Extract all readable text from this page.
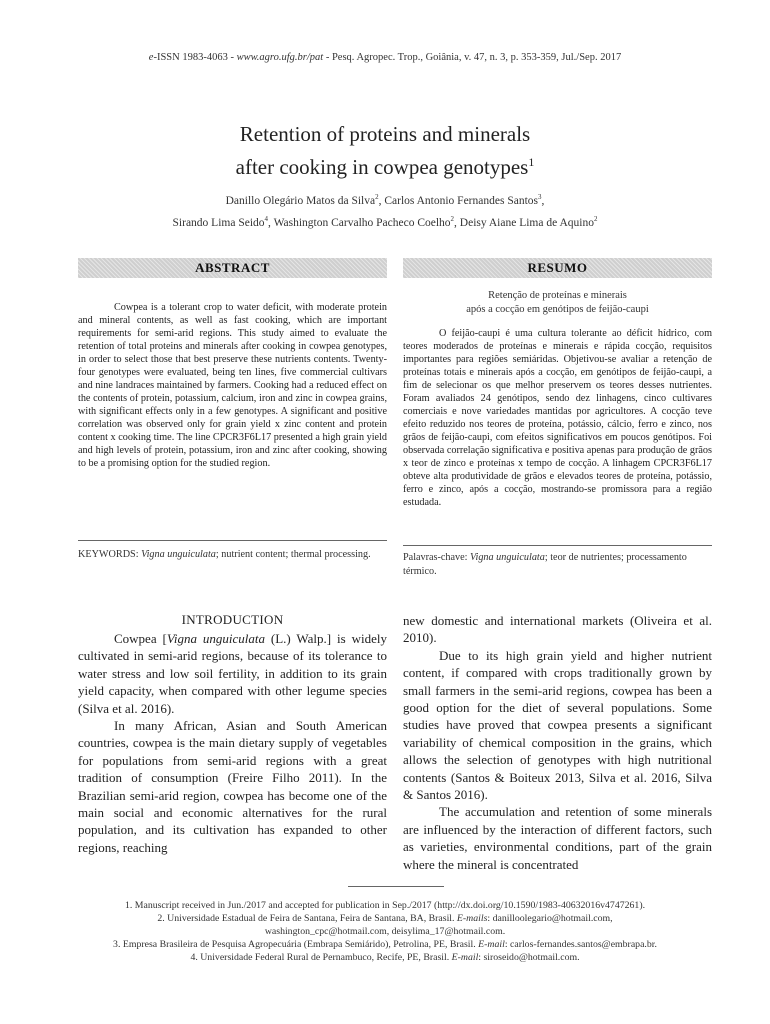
e-ISSN 1983-4063 - www.agro.ufg.br/pat - Pesq. Agropec. Trop., Goiânia, v. 47, n. 3, p. 353-359, Jul./Sep. 2017
Retention of proteins and minerals
after cooking in cowpea genotypes$^1$
Danillo Olegário Matos da Silva$^2$, Carlos Antonio Fernandes Santos$^3$,
Sirando Lima Seido$^4$, Washington Carvalho Pacheco Coelho$^2$, Deisy Aiane Lima de Aquino$^2$
ABSTRACT
Cowpea is a tolerant crop to water deficit, with moderate protein and mineral contents, as well as fast cooking, which are important requirements for semi-arid regions. This study aimed to evaluate the retention of total proteins and minerals after cooking in cowpea genotypes, in order to select those that best preserve these nutrients contents. Twenty-four genotypes were evaluated, being ten lines, five commercial cultivars and nine landraces maintained by farmers. Cooking had a reduced effect on the contents of protein, potassium, calcium, iron and zinc in cowpea grains, with significant effects only in a few genotypes. A significant and positive correlation was observed only for grain yield x zinc content and protein content x cooking time. The line CPCR3F6L17 presented a high grain yield and high levels of protein, potassium, iron and zinc after cooking, showing to be a promising option for the studied region.
KEYWORDS: Vigna unguiculata; nutrient content; thermal processing.
RESUMO
Retenção de proteínas e minerais
após a cocção em genótipos de feijão-caupi
O feijão-caupi é uma cultura tolerante ao déficit hídrico, com teores moderados de proteínas e minerais e rápida cocção, requisitos importantes para regiões semiáridas. Objetivou-se avaliar a retenção de proteínas totais e minerais após a cocção, em genótipos de feijão-caupi, a fim de selecionar os que melhor preservem os teores desses nutrientes. Foram avaliados 24 genótipos, sendo dez linhagens, cinco cultivares comerciais e nove variedades mantidas por agricultores. A cocção teve efeito reduzido nos teores de proteína, potássio, cálcio, ferro e zinco, nos grãos de feijão-caupi, com efeitos significativos em poucos genótipos. Foi observada correlação significativa e positiva apenas para produção de grãos x teor de zinco e proteínas x tempo de cocção. A linhagem CPCR3F6L17 obteve alta produtividade de grãos e elevados teores de proteína, potássio, ferro e zinco, após a cocção, mostrando-se promissora para a região estudada.
Palavras-chave: Vigna unguiculata; teor de nutrientes; processamento térmico.
INTRODUCTION

Cowpea [Vigna unguiculata (L.) Walp.] is widely cultivated in semi-arid regions, because of its tolerance to water stress and low soil fertility, in addition to its grain yield capacity, when compared with other legume species (Silva et al. 2016).

In many African, Asian and South American countries, cowpea is the main dietary supply of vegetables for populations from semi-arid regions with a great tradition of consumption (Freire Filho 2011). In the Brazilian semi-arid region, cowpea has become one of the main social and economic alternatives for the rural population, and its cultivation has expanded to other regions, reaching

new domestic and international markets (Oliveira et al. 2010).

Due to its high grain yield and higher nutrient content, if compared with crops traditionally grown by small farmers in the semi-arid regions, cowpea has been a good option for the diet of several populations. Some studies have proved that cowpea presents a significant variability of chemical composition in the grains, which allows the selection of genotypes with high nutritional contents (Santos & Boiteux 2013, Silva et al. 2016, Silva & Santos 2016).

The accumulation and retention of some minerals are influenced by the interaction of different factors, such as varieties, environmental conditions, part of the grain where the mineral is concentrated

1. Manuscript received in Jun./2017 and accepted for publication in Sep./2017 (http://dx.doi.org/10.1590/1983-40632016v4747261).
2. Universidade Estadual de Feira de Santana, Feira de Santana, BA, Brasil. E-mails: danilloolegario@hotmail.com,
washington_cpc@hotmail.com, deisylima_17@hotmail.com.
3. Empresa Brasileira de Pesquisa Agropecuária (Embrapa Semiárido), Petrolina, PE, Brasil. E-mail: carlos-fernandes.santos@embrapa.br.
4. Universidade Federal Rural de Pernambuco, Recife, PE, Brasil. E-mail: siroseido@hotmail.com.
